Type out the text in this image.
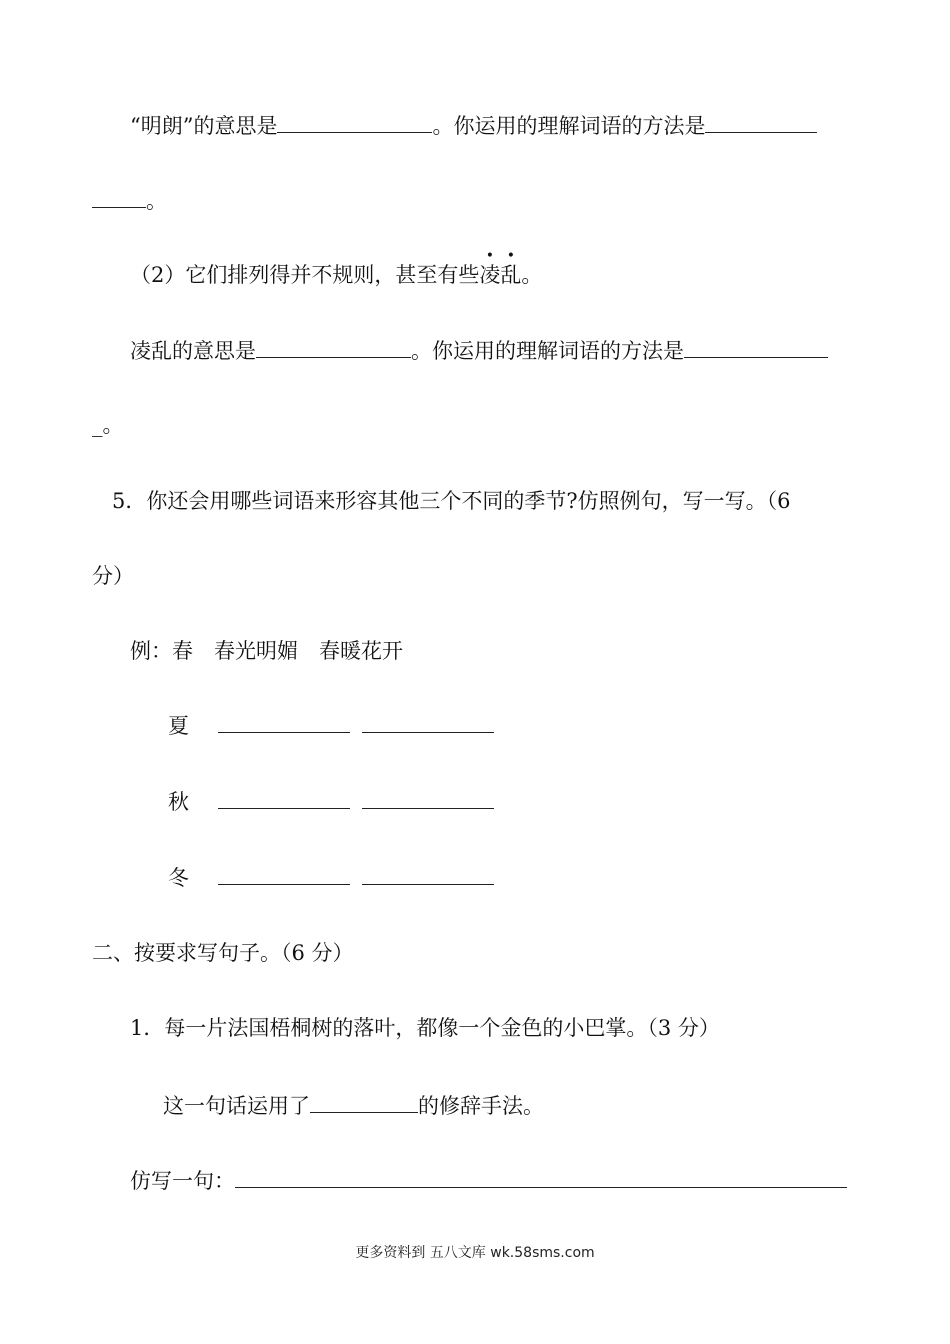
“明朗”的意思是	。你运用的理解词语的方法是
。
（2）它们排列得并不规则，甚至有些凌乱。
凌乱的意思是	。你运用的理解词语的方法是
_。
5．你还会用哪些词语来形容其他三个不同的季节?仿照例句，写一写。（6
分）
例：春　春光明媚　春暖花开
夏
秋
冬
二、按要求写句子。（6 分）
1．每一片法国梧桐树的落叶，都像一个金色的小巴掌。（3 分）
这一句话运用了	的修辞手法。
仿写一句：
更多资料到 五八文库 wk.58sms.com
